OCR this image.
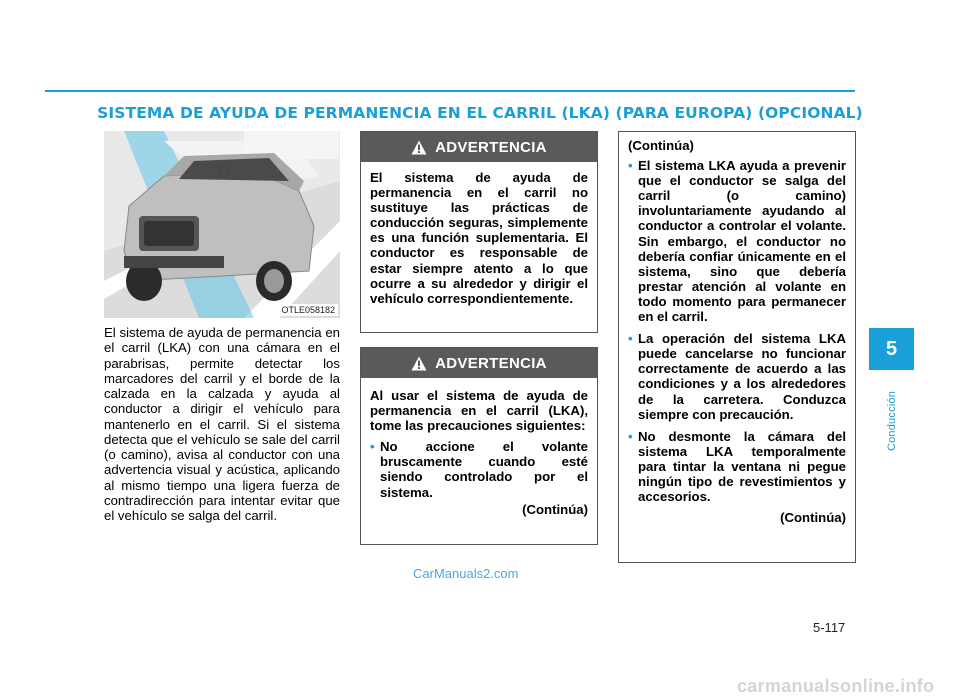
SISTEMA DE AYUDA DE PERMANENCIA EN EL CARRIL (LKA) (PARA EUROPA) (OPCIONAL)
OTLE058182
El sistema de ayuda de permanencia en el carril (LKA) con una cámara en el parabrisas, permite detectar los marcadores del carril y el borde de la calzada en la calzada y ayuda al conductor a dirigir el vehículo para mantenerlo en el carril. Si el sistema detecta que el vehículo se sale del carril (o camino), avisa al conductor con una advertencia visual y acústica, aplicando al mismo tiempo una ligera fuerza de contradirección para intentar evitar que el vehículo se salga del carril.
ADVERTENCIA
El sistema de ayuda de permanencia en el carril no sustituye las prácticas de conducción seguras, simplemente es una función suplementaria. El conductor es responsable de estar siempre atento a lo que ocurre a su alrededor y dirigir el vehículo correspondientemente.
ADVERTENCIA
Al usar el sistema de ayuda de permanencia en el carril (LKA), tome las precauciones siguientes:
• No accione el volante bruscamente cuando esté siendo controlado por el sistema.
(Continúa)
(Continúa)
• El sistema LKA ayuda a prevenir que el conductor se salga del carril (o camino) involuntariamente ayudando al conductor a controlar el volante. Sin embargo, el conductor no debería confiar únicamente en el sistema, sino que debería prestar atención al volante en todo momento para permanecer en el carril.
• La operación del sistema LKA puede cancelarse no funcionar correctamente de acuerdo a las condiciones y a los alrededores de la carretera. Conduzca siempre con precaución.
• No desmonte la cámara del sistema LKA temporalmente para tintar la ventana ni pegue ningún tipo de revestimientos y accesorios.
(Continúa)
5
Conducción
5-117
CarManuals2.com
carmanualsonline.info
